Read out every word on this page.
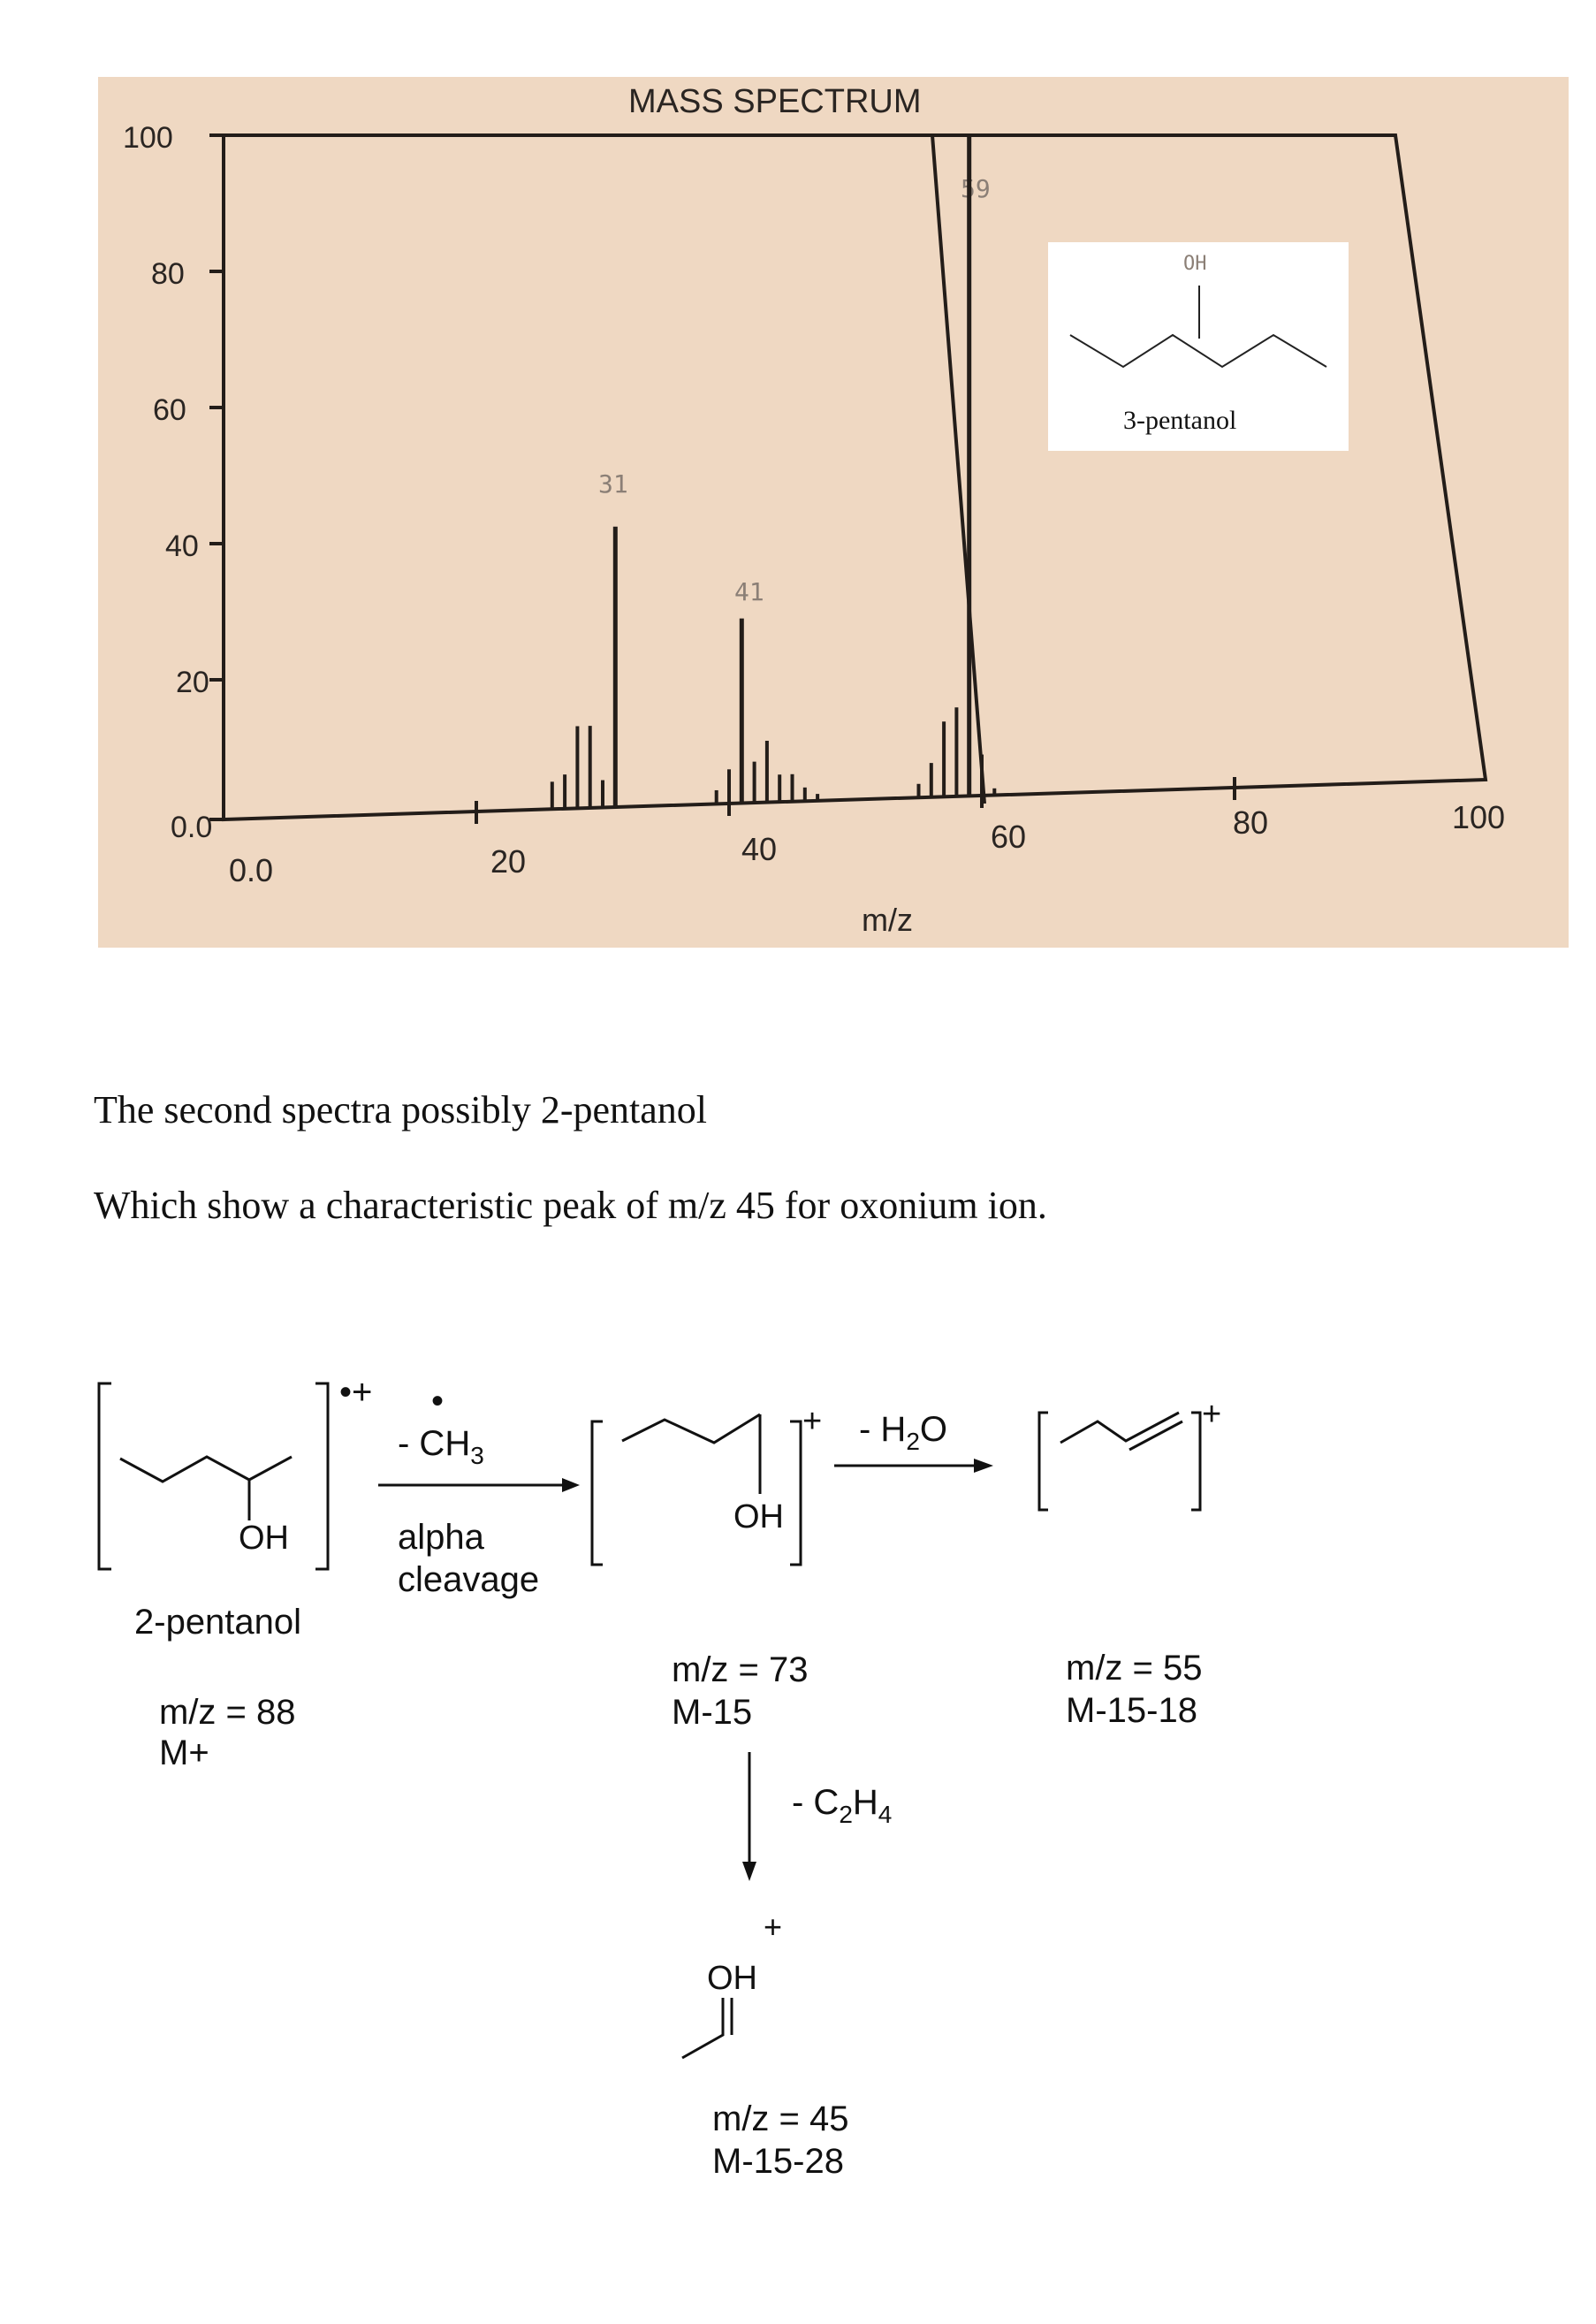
100
80
60
40
20
0.0
0.0	20	40	60	80	100
MASS SPECTRUM
m/z
31
41
59
OH
3-pentanol
The second spectra possibly 2-pentanol
Which show a characteristic peak of m/z 45 for oxonium ion.
•+
OH
2-pentanol
m/z = 88
M+
•
- $CH_3$
alpha
cleavage
+
OH
m/z = 73
M-15
- $H_2O$	+
m/z = 55
M-15-18
- $C_2H_4$
+
OH
m/z = 45
M-15-28
